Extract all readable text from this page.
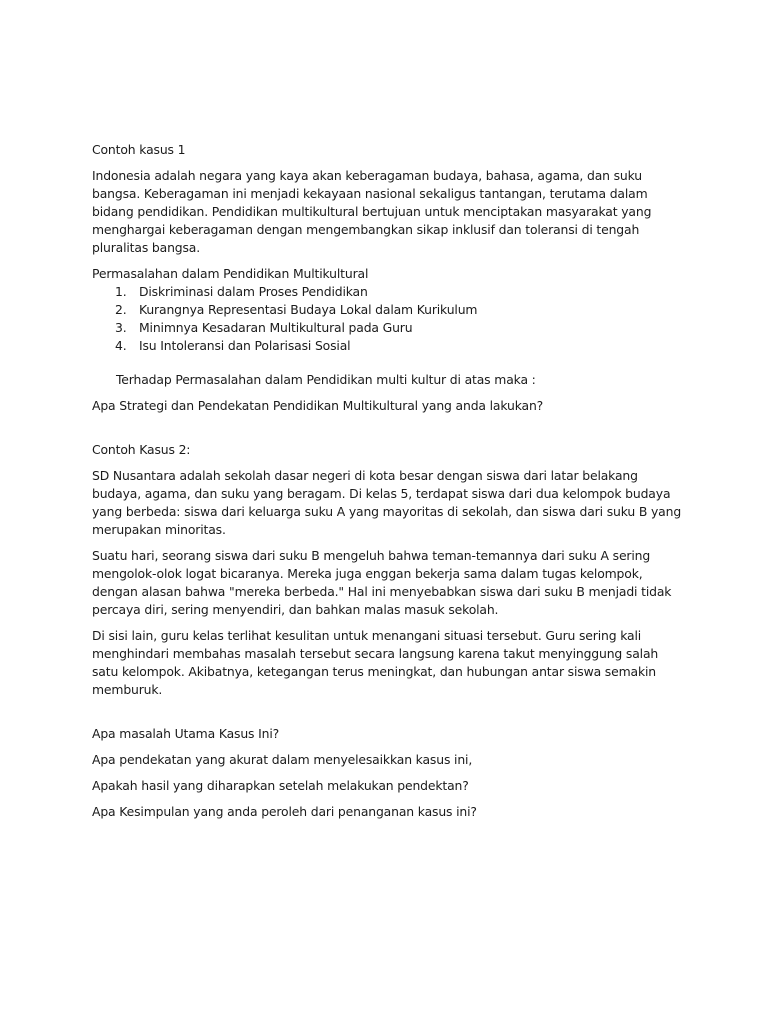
Contoh kasus 1

Indonesia adalah negara yang kaya akan keberagaman budaya, bahasa, agama, dan suku bangsa. Keberagaman ini menjadi kekayaan nasional sekaligus tantangan, terutama dalam bidang pendidikan. Pendidikan multikultural bertujuan untuk menciptakan masyarakat yang menghargai keberagaman dengan mengembangkan sikap inklusif dan toleransi di tengah pluralitas bangsa.

Permasalahan dalam Pendidikan Multikultural
1. Diskriminasi dalam Proses Pendidikan
2. Kurangnya Representasi Budaya Lokal dalam Kurikulum
3. Minimnya Kesadaran Multikultural pada Guru
4. Isu Intoleransi dan Polarisasi Sosial

Terhadap Permasalahan dalam Pendidikan multi kultur di atas maka :

Apa Strategi dan Pendekatan Pendidikan Multikultural yang anda lakukan?

Contoh Kasus 2:

SD Nusantara adalah sekolah dasar negeri di kota besar dengan siswa dari latar belakang budaya, agama, dan suku yang beragam. Di kelas 5, terdapat siswa dari dua kelompok budaya yang berbeda: siswa dari keluarga suku A yang mayoritas di sekolah, dan siswa dari suku B yang merupakan minoritas.

Suatu hari, seorang siswa dari suku B mengeluh bahwa teman-temannya dari suku A sering mengolok-olok logat bicaranya. Mereka juga enggan bekerja sama dalam tugas kelompok, dengan alasan bahwa "mereka berbeda." Hal ini menyebabkan siswa dari suku B menjadi tidak percaya diri, sering menyendiri, dan bahkan malas masuk sekolah.

Di sisi lain, guru kelas terlihat kesulitan untuk menangani situasi tersebut. Guru sering kali menghindari membahas masalah tersebut secara langsung karena takut menyinggung salah satu kelompok. Akibatnya, ketegangan terus meningkat, dan hubungan antar siswa semakin memburuk.

Apa masalah Utama Kasus Ini?

Apa pendekatan yang akurat dalam menyelesaikkan kasus ini,

Apakah hasil yang diharapkan setelah melakukan pendektan?

Apa Kesimpulan yang anda peroleh dari penanganan kasus ini?
